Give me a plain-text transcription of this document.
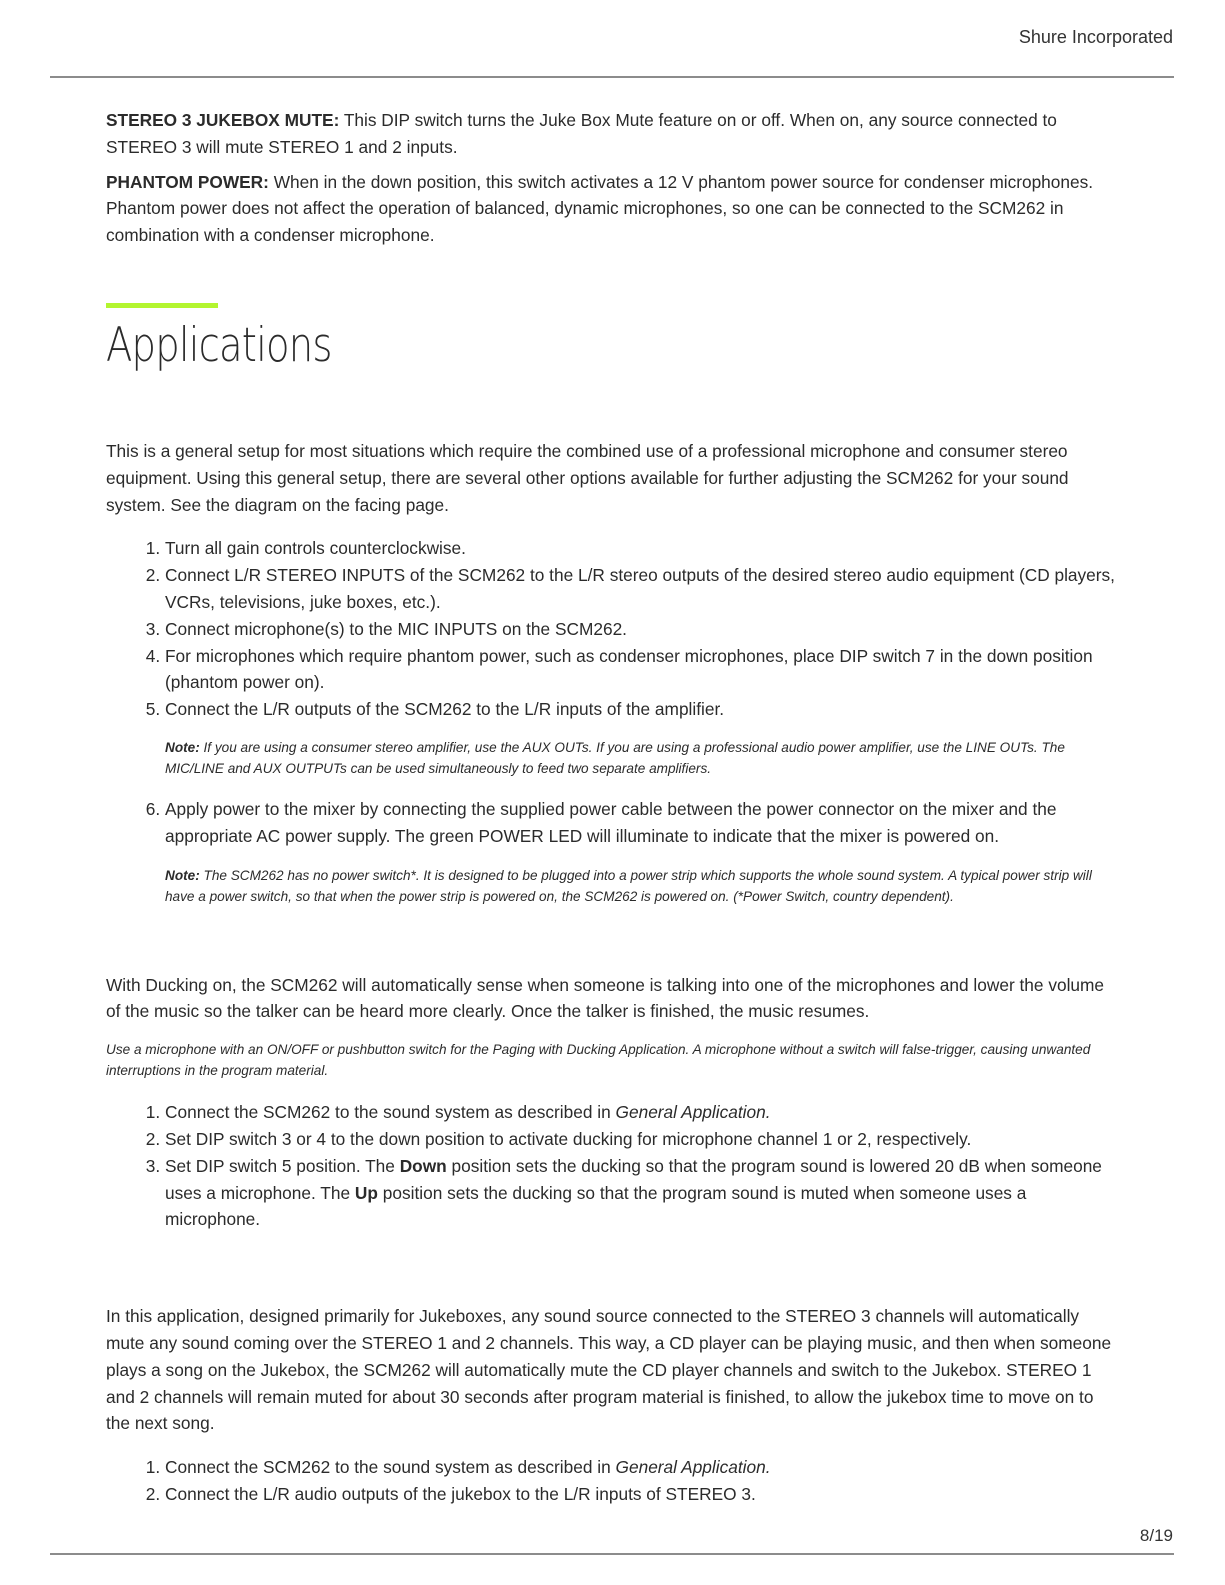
Shure Incorporated

STEREO 3 JUKEBOX MUTE: This DIP switch turns the Juke Box Mute feature on or off. When on, any source connected to STEREO 3 will mute STEREO 1 and 2 inputs.

PHANTOM POWER: When in the down position, this switch activates a 12 V phantom power source for condenser microphones. Phantom power does not affect the operation of balanced, dynamic microphones, so one can be connected to the SCM262 in combination with a condenser microphone.

Applications

This is a general setup for most situations which require the combined use of a professional microphone and consumer stereo equipment. Using this general setup, there are several other options available for further adjusting the SCM262 for your sound system. See the diagram on the facing page.

1. Turn all gain controls counterclockwise.
2. Connect L/R STEREO INPUTS of the SCM262 to the L/R stereo outputs of the desired stereo audio equipment (CD players, VCRs, televisions, juke boxes, etc.).
3. Connect microphone(s) to the MIC INPUTS on the SCM262.
4. For microphones which require phantom power, such as condenser microphones, place DIP switch 7 in the down position (phantom power on).
5. Connect the L/R outputs of the SCM262 to the L/R inputs of the amplifier.

Note: If you are using a consumer stereo amplifier, use the AUX OUTs. If you are using a professional audio power amplifier, use the LINE OUTs. The MIC/LINE and AUX OUTPUTs can be used simultaneously to feed two separate amplifiers.

6. Apply power to the mixer by connecting the supplied power cable between the power connector on the mixer and the appropriate AC power supply. The green POWER LED will illuminate to indicate that the mixer is powered on.

Note: The SCM262 has no power switch*. It is designed to be plugged into a power strip which supports the whole sound system. A typical power strip will have a power switch, so that when the power strip is powered on, the SCM262 is powered on. (*Power Switch, country dependent).

With Ducking on, the SCM262 will automatically sense when someone is talking into one of the microphones and lower the volume of the music so the talker can be heard more clearly. Once the talker is finished, the music resumes.

Use a microphone with an ON/OFF or pushbutton switch for the Paging with Ducking Application. A microphone without a switch will false-trigger, causing unwanted interruptions in the program material.

1. Connect the SCM262 to the sound system as described in General Application.
2. Set DIP switch 3 or 4 to the down position to activate ducking for microphone channel 1 or 2, respectively.
3. Set DIP switch 5 position. The Down position sets the ducking so that the program sound is lowered 20 dB when someone uses a microphone. The Up position sets the ducking so that the program sound is muted when someone uses a microphone.

In this application, designed primarily for Jukeboxes, any sound source connected to the STEREO 3 channels will automatically mute any sound coming over the STEREO 1 and 2 channels. This way, a CD player can be playing music, and then when someone plays a song on the Jukebox, the SCM262 will automatically mute the CD player channels and switch to the Jukebox. STEREO 1 and 2 channels will remain muted for about 30 seconds after program material is finished, to allow the jukebox time to move on to the next song.

1. Connect the SCM262 to the sound system as described in General Application.
2. Connect the L/R audio outputs of the jukebox to the L/R inputs of STEREO 3.
8/19
